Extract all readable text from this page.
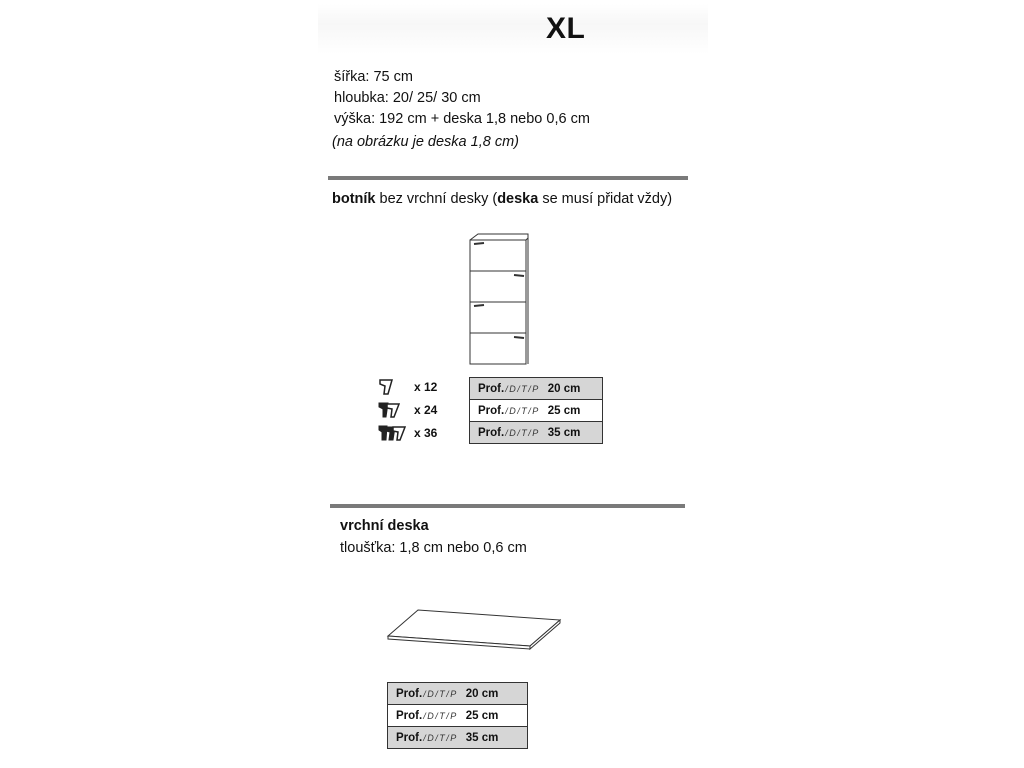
XL
šířka: 75 cm
hloubka: 20/ 25/ 30 cm
výška: 192 cm + deska 1,8 nebo 0,6 cm
(na obrázku je deska 1,8 cm)
botník bez vrchní desky (deska se musí přidat vždy)
x 12
x 24
x 36
Prof. /D/T/P 20 cm
Prof. /D/T/P 25 cm
Prof. /D/T/P 35 cm
vrchní deska
tloušťka: 1,8 cm nebo 0,6 cm
Prof. /D/T/P 20 cm
Prof. /D/T/P 25 cm
Prof. /D/T/P 35 cm
